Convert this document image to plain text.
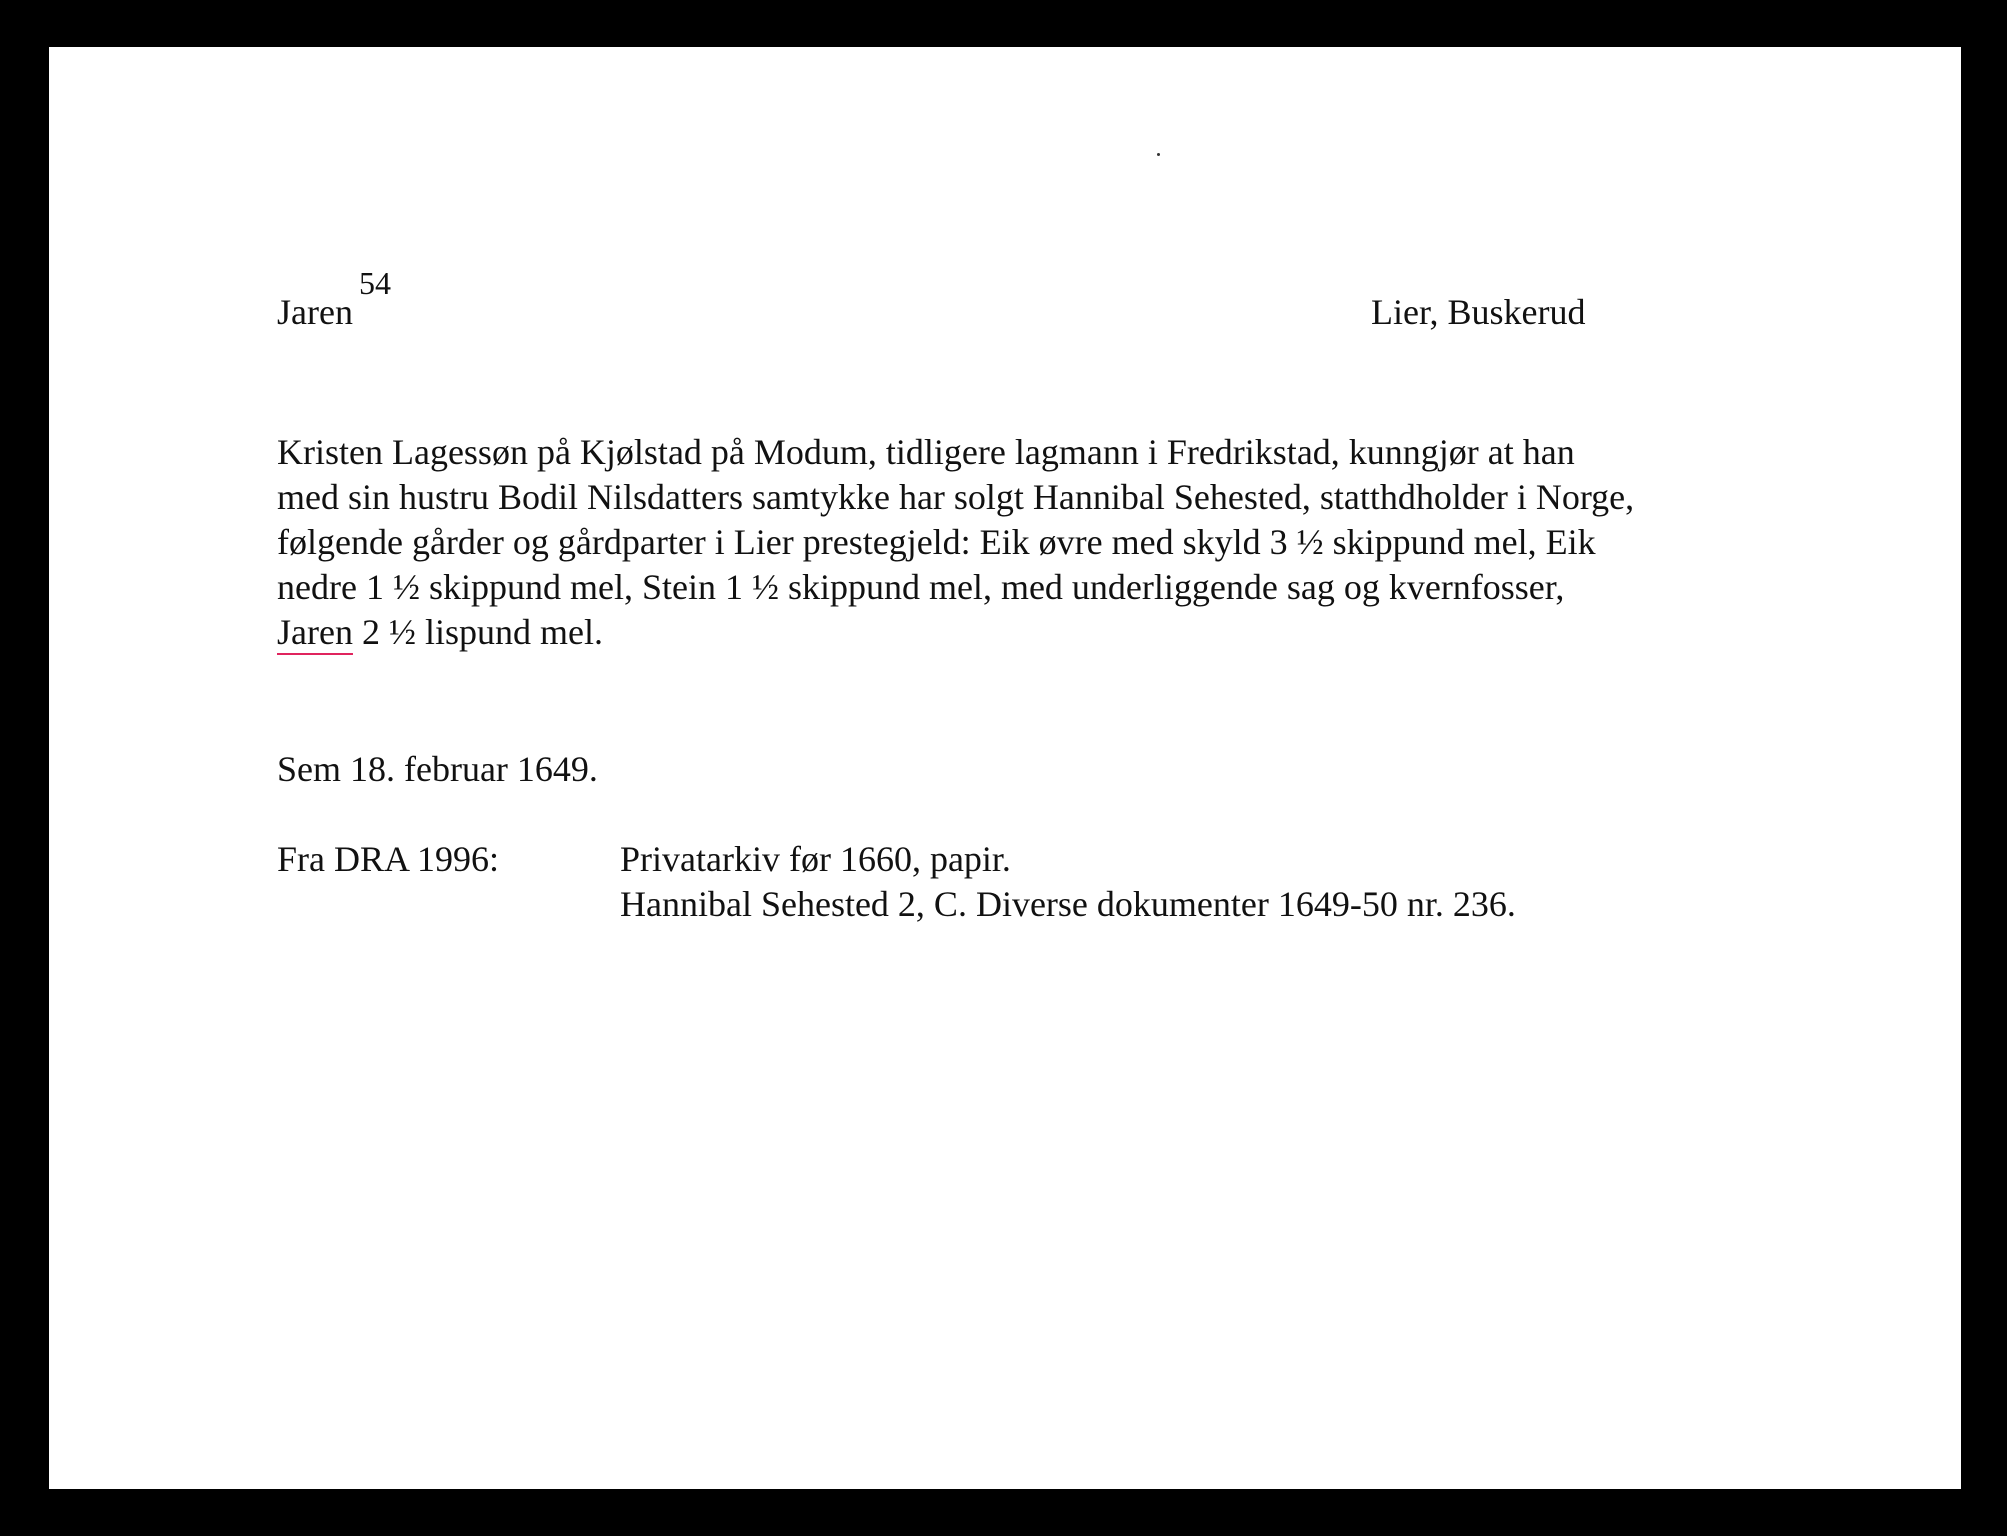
Jaren
54
Lier, Buskerud

Kristen Lagessøn på Kjølstad på Modum, tidligere lagmann i Fredrikstad, kunngjør at han

med sin hustru Bodil Nilsdatters samtykke har solgt Hannibal Sehested, statthdholder i Norge,

følgende gårder og gårdparter i Lier prestegjeld: Eik øvre med skyld 3 ½ skippund mel, Eik

nedre 1 ½ skippund mel, Stein 1 ½ skippund mel, med underliggende sag og kvernfosser,

Jaren 2 ½ lispund mel.

Sem 18. februar 1649.
Fra DRA 1996:	Privatarkiv før 1660, papir.

Hannibal Sehested 2, C. Diverse dokumenter 1649-50 nr. 236.
